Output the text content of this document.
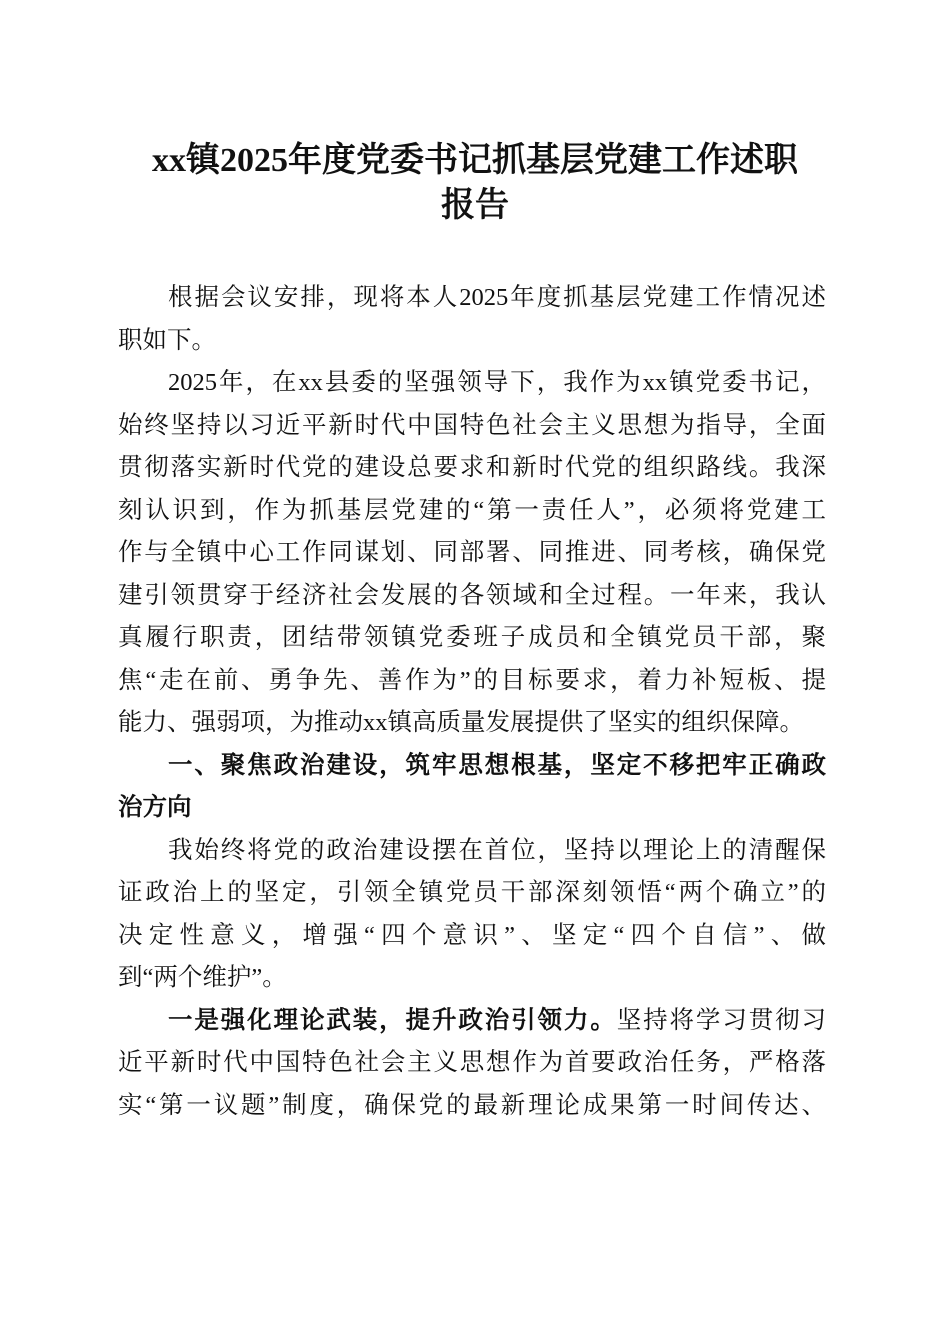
xx镇2025年度党委书记抓基层党建工作述职
报告
根据会议安排，现将本人2025年度抓基层党建工作情况述
职如下。
2025年，在xx县委的坚强领导下，我作为xx镇党委书记，
始终坚持以习近平新时代中国特色社会主义思想为指导，全面
贯彻落实新时代党的建设总要求和新时代党的组织路线。我深
刻认识到，作为抓基层党建的“第一责任人”，必须将党建工
作与全镇中心工作同谋划、同部署、同推进、同考核，确保党
建引领贯穿于经济社会发展的各领域和全过程。一年来，我认
真履行职责，团结带领镇党委班子成员和全镇党员干部，聚
焦“走在前、勇争先、善作为”的目标要求，着力补短板、提
能力、强弱项，为推动xx镇高质量发展提供了坚实的组织保障。
一、聚焦政治建设，筑牢思想根基，坚定不移把牢正确政
治方向
我始终将党的政治建设摆在首位，坚持以理论上的清醒保
证政治上的坚定，引领全镇党员干部深刻领悟“两个确立”的
决定性意义，增强“四个意识”、坚定“四个自信”、做
到“两个维护”。
一是强化理论武装，提升政治引领力。坚持将学习贯彻习
近平新时代中国特色社会主义思想作为首要政治任务，严格落
实“第一议题”制度，确保党的最新理论成果第一时间传达、
